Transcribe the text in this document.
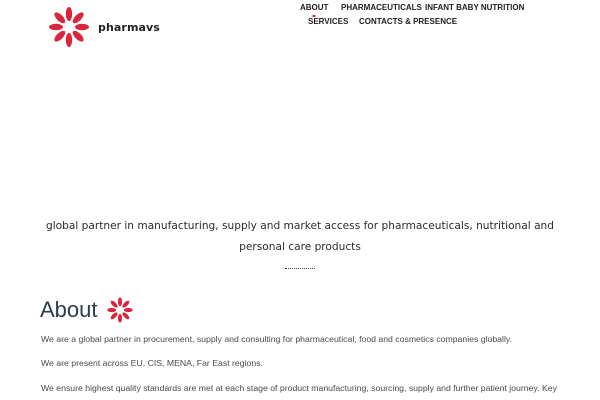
pharmavs
ABOUT PHARMACEUTICALS INFANT BABY NUTRITION
SERVICES CONTACTS & PRESENCE
global partner in manufacturing, supply and market access for pharmaceuticals, nutritional and personal care products
About

We are a global partner in procurement, supply and consulting for pharmaceutical, food and cosmetics companies globally.

We are present across EU, CIS, MENA, Far East regions.

We ensure highest quality standards are met at each stage of product manufacturing, sourcing, supply and further patient journey. Key
